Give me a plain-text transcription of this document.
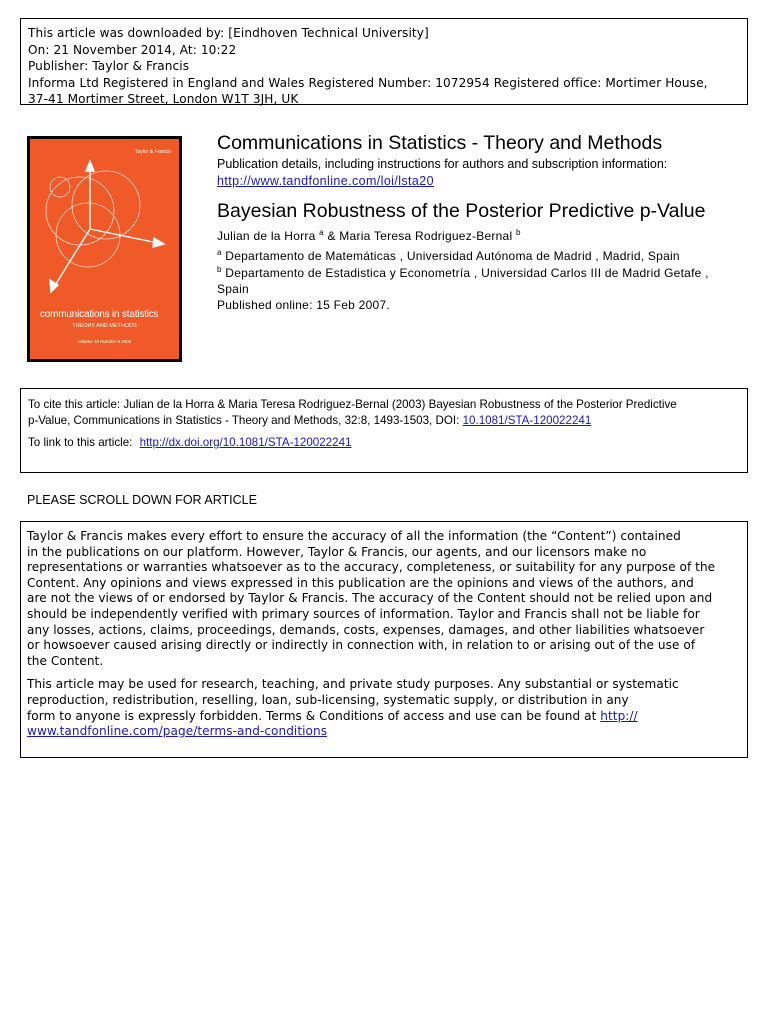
This article was downloaded by: [Eindhoven Technical University]
On: 21 November 2014, At: 10:22
Publisher: Taylor & Francis
Informa Ltd Registered in England and Wales Registered Number: 1072954 Registered office: Mortimer House,
37-41 Mortimer Street, London W1T 3JH, UK
Taylor & Francis
communications in statistics
THEORY AND METHODS
Volume 34 Number 8 2005
Communications in Statistics - Theory and Methods
Publication details, including instructions for authors and subscription information:
http://www.tandfonline.com/loi/lsta20
Bayesian Robustness of the Posterior Predictive p-Value
Julian de la Horra $^a$ & Maria Teresa Rodriguez-Bernal $^b$
$^a$ Departamento de Matemáticas , Universidad Autónoma de Madrid , Madrid, Spain
$^b$ Departamento de Estadistica y Econometría , Universidad Carlos III de Madrid Getafe ,
Spain
Published online: 15 Feb 2007.
To cite this article: Julian de la Horra & Maria Teresa Rodriguez-Bernal (2003) Bayesian Robustness of the Posterior Predictive
p-Value, Communications in Statistics - Theory and Methods, 32:8, 1493-1503, DOI: 10.1081/STA-120022241
To link to this article: http://dx.doi.org/10.1081/STA-120022241
PLEASE SCROLL DOWN FOR ARTICLE
Taylor & Francis makes every effort to ensure the accuracy of all the information (the “Content”) contained
in the publications on our platform. However, Taylor & Francis, our agents, and our licensors make no
representations or warranties whatsoever as to the accuracy, completeness, or suitability for any purpose of the
Content. Any opinions and views expressed in this publication are the opinions and views of the authors, and
are not the views of or endorsed by Taylor & Francis. The accuracy of the Content should not be relied upon and
should be independently verified with primary sources of information. Taylor and Francis shall not be liable for
any losses, actions, claims, proceedings, demands, costs, expenses, damages, and other liabilities whatsoever
or howsoever caused arising directly or indirectly in connection with, in relation to or arising out of the use of
the Content.
This article may be used for research, teaching, and private study purposes. Any substantial or systematic
reproduction, redistribution, reselling, loan, sub-licensing, systematic supply, or distribution in any
form to anyone is expressly forbidden. Terms & Conditions of access and use can be found at http://
www.tandfonline.com/page/terms-and-conditions
